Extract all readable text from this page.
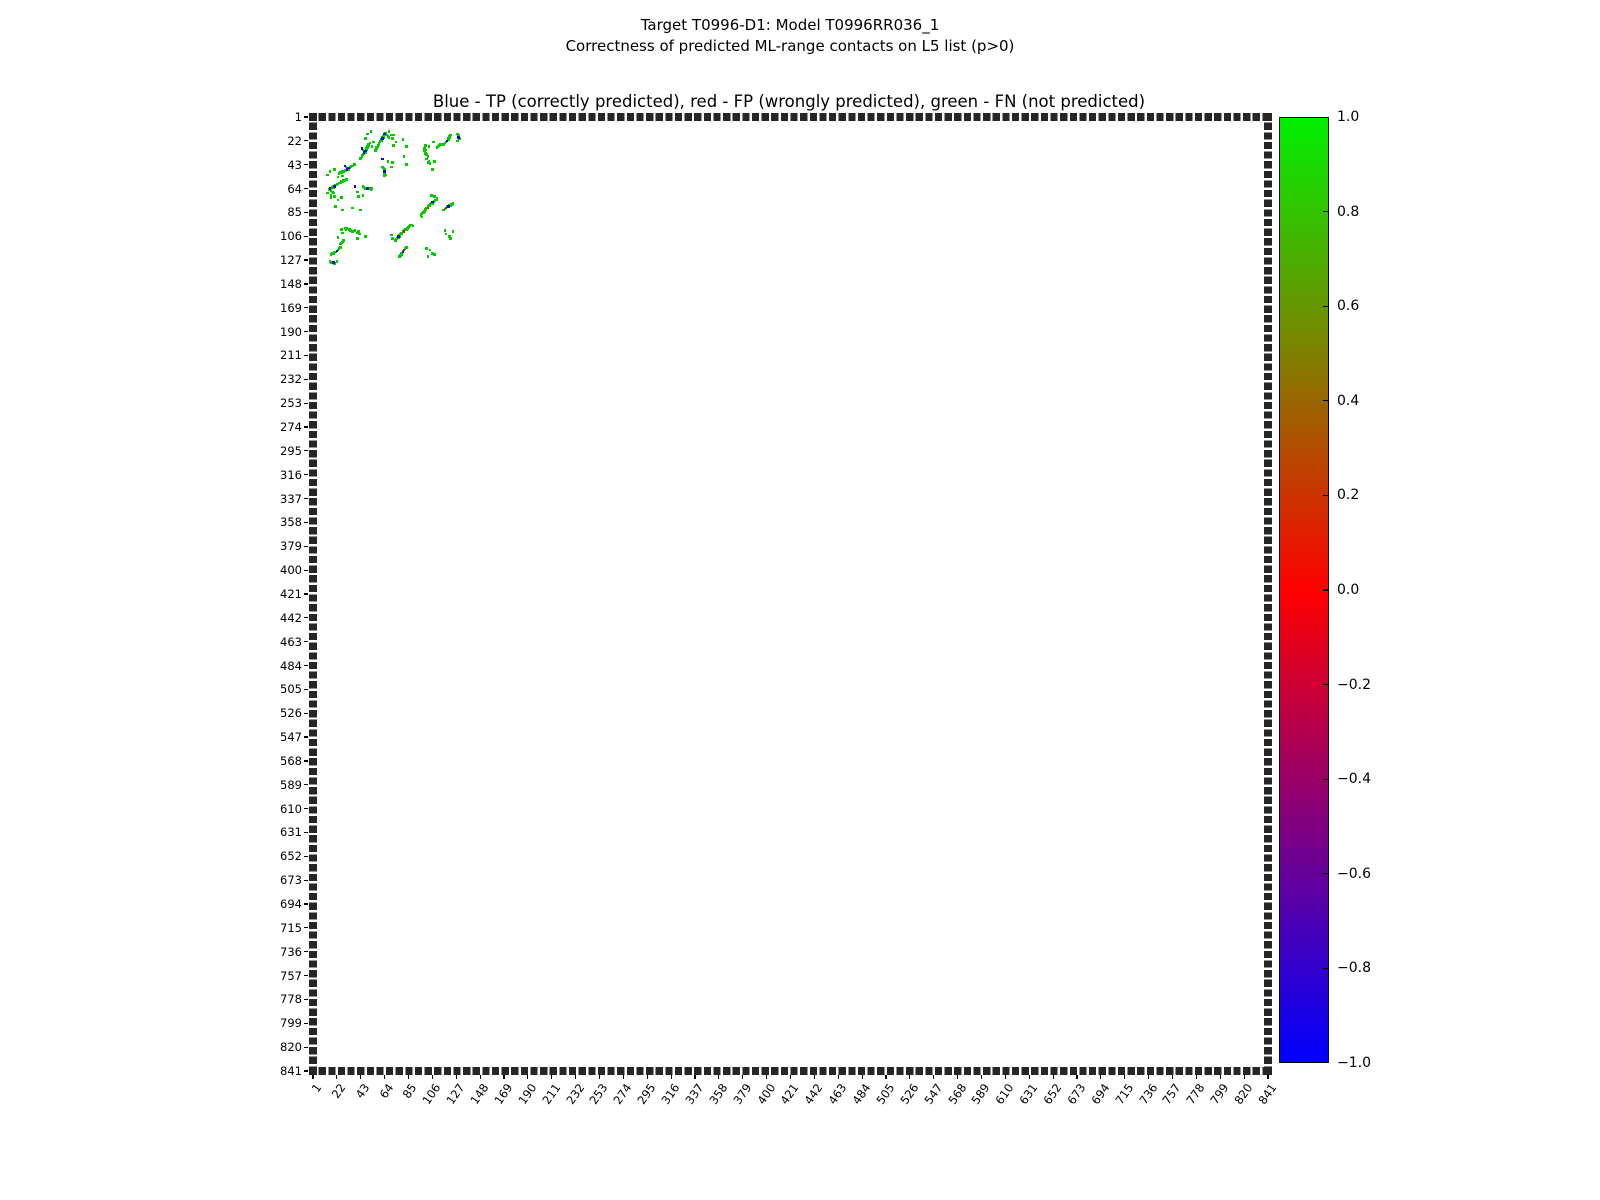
Target T0996-D1: Model T0996RR036_1
Correctness of predicted ML-range contacts on L5 list (p>0)
Blue - TP (correctly predicted), red - FP (wrongly predicted), green - FN (not predicted)
1
22
43
64
85
106
127
148
169
190
211
232
253
274
295
316
337
358
379
400
421
442
463
484
505
526
547
568
589
610
631
652
673
694
715
736
757
778
799
820
841
1 22 43 64 85 106 127 148 169 190 211 232 253 274 295 316 337 358 379 400 421 442 463 484 505 526 547 568 589 610 631 652 673 694 715 736 757 778 799 820 841
1.0
0.8
0.6
0.4
0.2
0.0
−0.2
−0.4
−0.6
−0.8
−1.0
